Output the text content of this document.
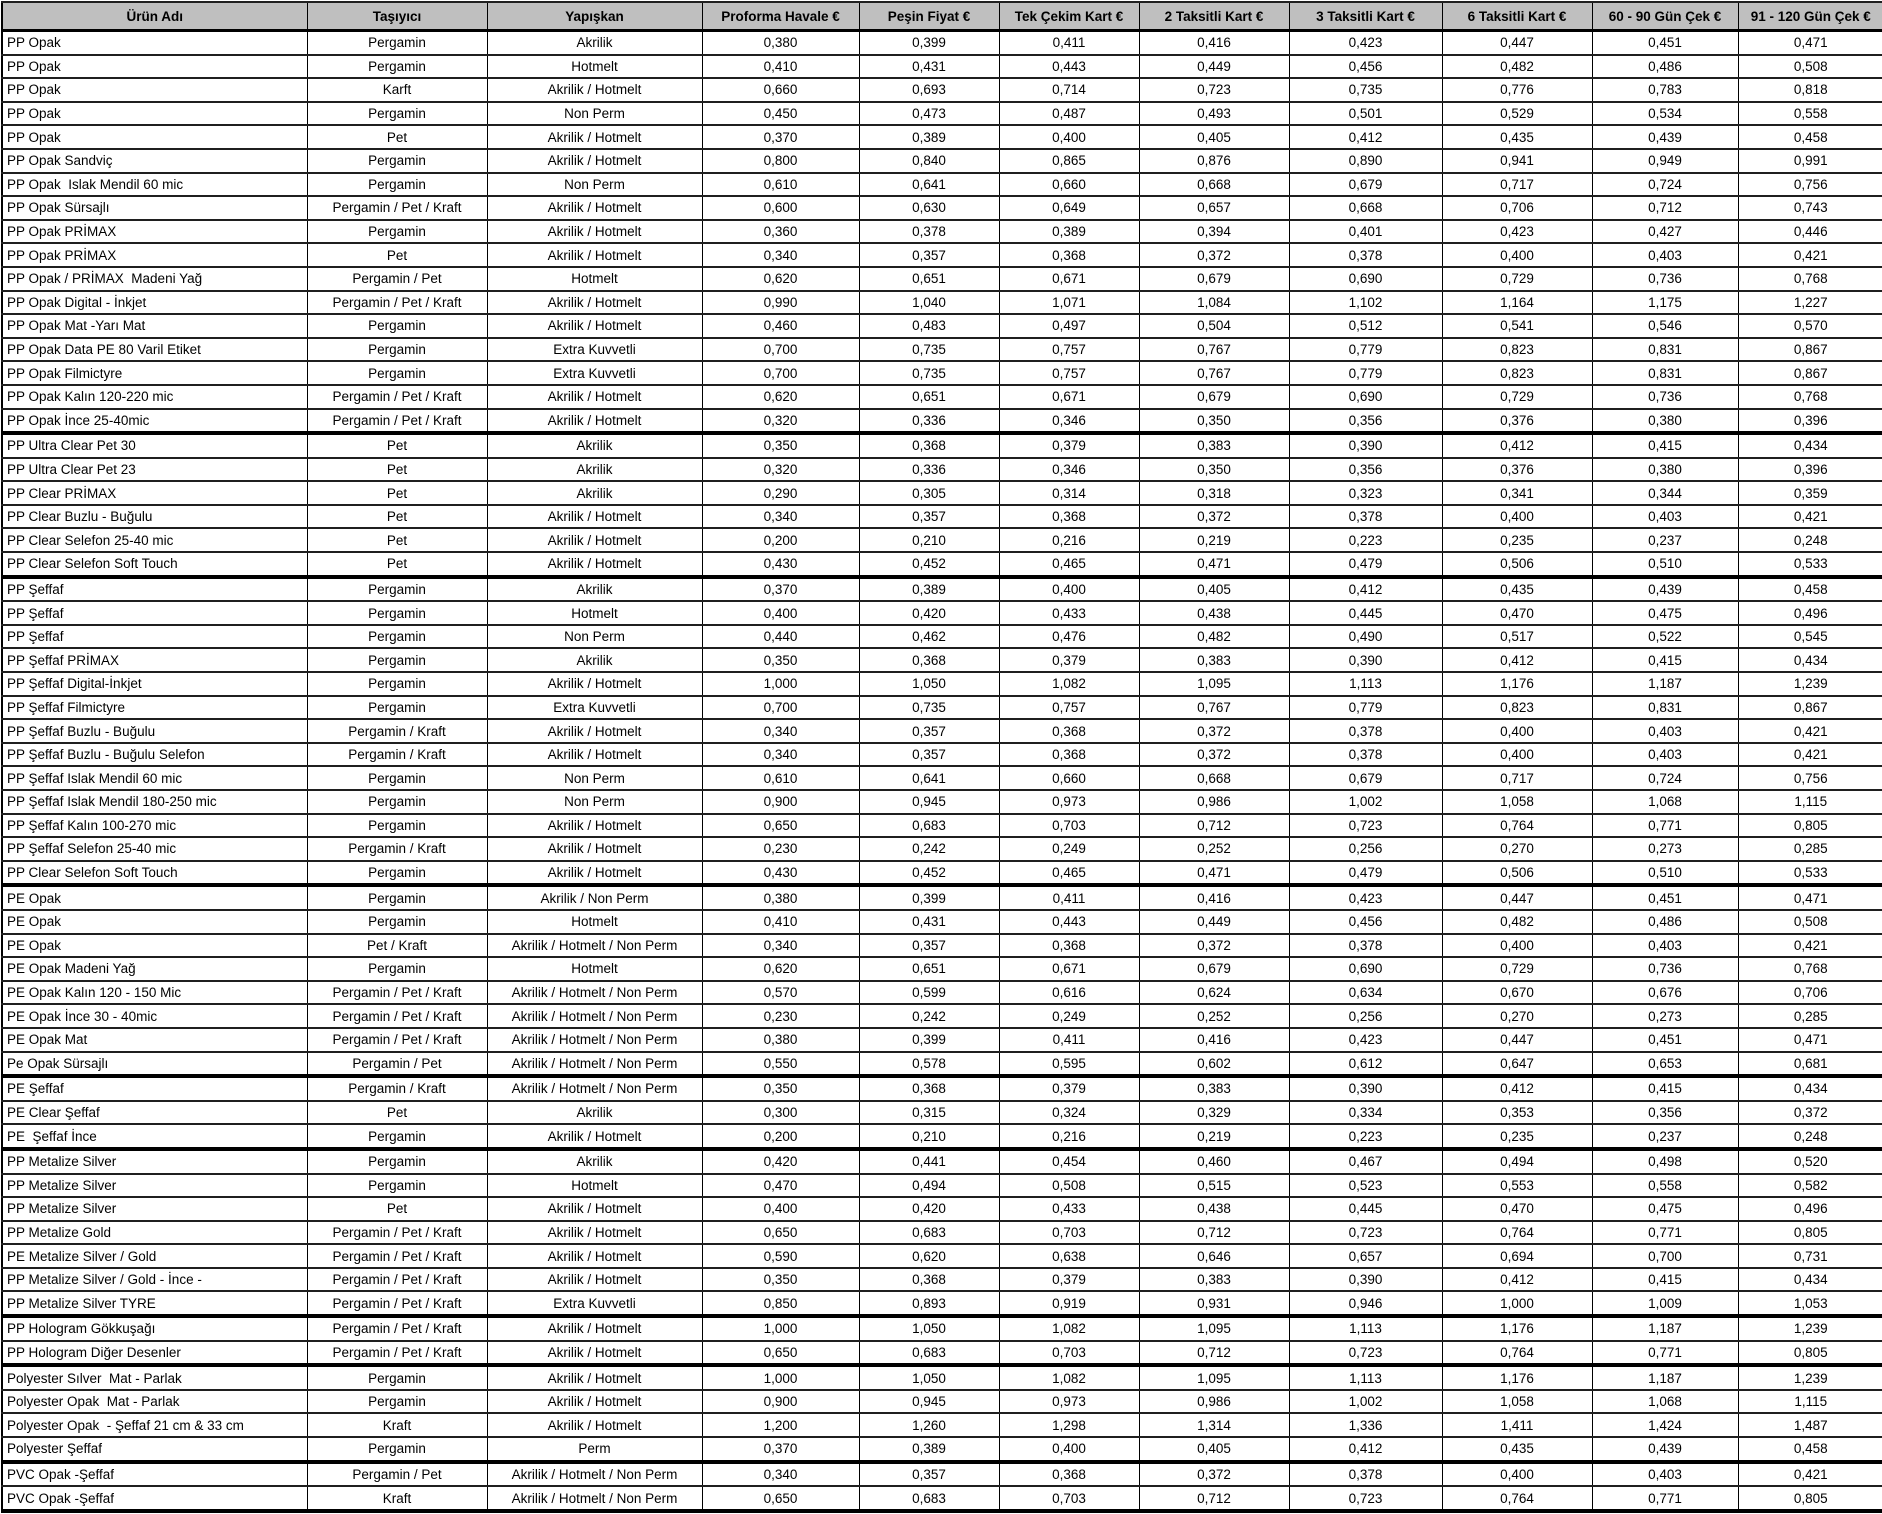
Ürün Adı	Taşıyıcı	Yapışkan	Proforma Havale €	Peşin Fiyat €	Tek Çekim Kart €	2 Taksitli Kart €	3 Taksitli Kart €	6 Taksitli Kart €	60 - 90 Gün Çek €	91 - 120 Gün Çek €
PP Opak	Pergamin	Akrilik	0,380	0,399	0,411	0,416	0,423	0,447	0,451	0,471
PP Opak	Pergamin	Hotmelt	0,410	0,431	0,443	0,449	0,456	0,482	0,486	0,508
PP Opak	Karft	Akrilik / Hotmelt	0,660	0,693	0,714	0,723	0,735	0,776	0,783	0,818
PP Opak	Pergamin	Non Perm	0,450	0,473	0,487	0,493	0,501	0,529	0,534	0,558
PP Opak	Pet	Akrilik / Hotmelt	0,370	0,389	0,400	0,405	0,412	0,435	0,439	0,458
PP Opak Sandviç	Pergamin	Akrilik / Hotmelt	0,800	0,840	0,865	0,876	0,890	0,941	0,949	0,991
PP Opak  Islak Mendil 60 mic	Pergamin	Non Perm	0,610	0,641	0,660	0,668	0,679	0,717	0,724	0,756
PP Opak Sürsajlı	Pergamin / Pet / Kraft	Akrilik / Hotmelt	0,600	0,630	0,649	0,657	0,668	0,706	0,712	0,743
PP Opak PRİMAX	Pergamin	Akrilik / Hotmelt	0,360	0,378	0,389	0,394	0,401	0,423	0,427	0,446
PP Opak PRİMAX	Pet	Akrilik / Hotmelt	0,340	0,357	0,368	0,372	0,378	0,400	0,403	0,421
PP Opak / PRİMAX  Madeni Yağ	Pergamin / Pet	Hotmelt	0,620	0,651	0,671	0,679	0,690	0,729	0,736	0,768
PP Opak Digital - İnkjet	Pergamin / Pet / Kraft	Akrilik / Hotmelt	0,990	1,040	1,071	1,084	1,102	1,164	1,175	1,227
PP Opak Mat -Yarı Mat	Pergamin	Akrilik / Hotmelt	0,460	0,483	0,497	0,504	0,512	0,541	0,546	0,570
PP Opak Data PE 80 Varil Etiket	Pergamin	Extra Kuvvetli	0,700	0,735	0,757	0,767	0,779	0,823	0,831	0,867
PP Opak Filmictyre	Pergamin	Extra Kuvvetli	0,700	0,735	0,757	0,767	0,779	0,823	0,831	0,867
PP Opak Kalın 120-220 mic	Pergamin / Pet / Kraft	Akrilik / Hotmelt	0,620	0,651	0,671	0,679	0,690	0,729	0,736	0,768
PP Opak İnce 25-40mic	Pergamin / Pet / Kraft	Akrilik / Hotmelt	0,320	0,336	0,346	0,350	0,356	0,376	0,380	0,396
PP Ultra Clear Pet 30	Pet	Akrilik	0,350	0,368	0,379	0,383	0,390	0,412	0,415	0,434
PP Ultra Clear Pet 23	Pet	Akrilik	0,320	0,336	0,346	0,350	0,356	0,376	0,380	0,396
PP Clear PRİMAX	Pet	Akrilik	0,290	0,305	0,314	0,318	0,323	0,341	0,344	0,359
PP Clear Buzlu - Buğulu	Pet	Akrilik / Hotmelt	0,340	0,357	0,368	0,372	0,378	0,400	0,403	0,421
PP Clear Selefon 25-40 mic	Pet	Akrilik / Hotmelt	0,200	0,210	0,216	0,219	0,223	0,235	0,237	0,248
PP Clear Selefon Soft Touch	Pet	Akrilik / Hotmelt	0,430	0,452	0,465	0,471	0,479	0,506	0,510	0,533
PP Şeffaf	Pergamin	Akrilik	0,370	0,389	0,400	0,405	0,412	0,435	0,439	0,458
PP Şeffaf	Pergamin	Hotmelt	0,400	0,420	0,433	0,438	0,445	0,470	0,475	0,496
PP Şeffaf	Pergamin	Non Perm	0,440	0,462	0,476	0,482	0,490	0,517	0,522	0,545
PP Şeffaf PRİMAX	Pergamin	Akrilik	0,350	0,368	0,379	0,383	0,390	0,412	0,415	0,434
PP Şeffaf Digital-İnkjet	Pergamin	Akrilik / Hotmelt	1,000	1,050	1,082	1,095	1,113	1,176	1,187	1,239
PP Şeffaf Filmictyre	Pergamin	Extra Kuvvetli	0,700	0,735	0,757	0,767	0,779	0,823	0,831	0,867
PP Şeffaf Buzlu - Buğulu	Pergamin / Kraft	Akrilik / Hotmelt	0,340	0,357	0,368	0,372	0,378	0,400	0,403	0,421
PP Şeffaf Buzlu - Buğulu Selefon	Pergamin / Kraft	Akrilik / Hotmelt	0,340	0,357	0,368	0,372	0,378	0,400	0,403	0,421
PP Şeffaf Islak Mendil 60 mic	Pergamin	Non Perm	0,610	0,641	0,660	0,668	0,679	0,717	0,724	0,756
PP Şeffaf Islak Mendil 180-250 mic	Pergamin	Non Perm	0,900	0,945	0,973	0,986	1,002	1,058	1,068	1,115
PP Şeffaf Kalın 100-270 mic	Pergamin	Akrilik / Hotmelt	0,650	0,683	0,703	0,712	0,723	0,764	0,771	0,805
PP Şeffaf Selefon 25-40 mic	Pergamin / Kraft	Akrilik / Hotmelt	0,230	0,242	0,249	0,252	0,256	0,270	0,273	0,285
PP Clear Selefon Soft Touch	Pergamin	Akrilik / Hotmelt	0,430	0,452	0,465	0,471	0,479	0,506	0,510	0,533
PE Opak	Pergamin	Akrilik / Non Perm	0,380	0,399	0,411	0,416	0,423	0,447	0,451	0,471
PE Opak	Pergamin	Hotmelt	0,410	0,431	0,443	0,449	0,456	0,482	0,486	0,508
PE Opak	Pet / Kraft	Akrilik / Hotmelt / Non Perm	0,340	0,357	0,368	0,372	0,378	0,400	0,403	0,421
PE Opak Madeni Yağ	Pergamin	Hotmelt	0,620	0,651	0,671	0,679	0,690	0,729	0,736	0,768
PE Opak Kalın 120 - 150 Mic	Pergamin / Pet / Kraft	Akrilik / Hotmelt / Non Perm	0,570	0,599	0,616	0,624	0,634	0,670	0,676	0,706
PE Opak İnce 30 - 40mic	Pergamin / Pet / Kraft	Akrilik / Hotmelt / Non Perm	0,230	0,242	0,249	0,252	0,256	0,270	0,273	0,285
PE Opak Mat	Pergamin / Pet / Kraft	Akrilik / Hotmelt / Non Perm	0,380	0,399	0,411	0,416	0,423	0,447	0,451	0,471
Pe Opak Sürsajlı	Pergamin / Pet	Akrilik / Hotmelt / Non Perm	0,550	0,578	0,595	0,602	0,612	0,647	0,653	0,681
PE Şeffaf	Pergamin / Kraft	Akrilik / Hotmelt / Non Perm	0,350	0,368	0,379	0,383	0,390	0,412	0,415	0,434
PE Clear Şeffaf	Pet	Akrilik	0,300	0,315	0,324	0,329	0,334	0,353	0,356	0,372
PE  Şeffaf İnce	Pergamin	Akrilik / Hotmelt	0,200	0,210	0,216	0,219	0,223	0,235	0,237	0,248
PP Metalize Silver	Pergamin	Akrilik	0,420	0,441	0,454	0,460	0,467	0,494	0,498	0,520
PP Metalize Silver	Pergamin	Hotmelt	0,470	0,494	0,508	0,515	0,523	0,553	0,558	0,582
PP Metalize Silver	Pet	Akrilik / Hotmelt	0,400	0,420	0,433	0,438	0,445	0,470	0,475	0,496
PP Metalize Gold	Pergamin / Pet / Kraft	Akrilik / Hotmelt	0,650	0,683	0,703	0,712	0,723	0,764	0,771	0,805
PE Metalize Silver / Gold	Pergamin / Pet / Kraft	Akrilik / Hotmelt	0,590	0,620	0,638	0,646	0,657	0,694	0,700	0,731
PP Metalize Silver / Gold - İnce -	Pergamin / Pet / Kraft	Akrilik / Hotmelt	0,350	0,368	0,379	0,383	0,390	0,412	0,415	0,434
PP Metalize Silver TYRE	Pergamin / Pet / Kraft	Extra Kuvvetli	0,850	0,893	0,919	0,931	0,946	1,000	1,009	1,053
PP Hologram Gökkuşağı	Pergamin / Pet / Kraft	Akrilik / Hotmelt	1,000	1,050	1,082	1,095	1,113	1,176	1,187	1,239
PP Hologram Diğer Desenler	Pergamin / Pet / Kraft	Akrilik / Hotmelt	0,650	0,683	0,703	0,712	0,723	0,764	0,771	0,805
Polyester Sılver  Mat - Parlak	Pergamin	Akrilik / Hotmelt	1,000	1,050	1,082	1,095	1,113	1,176	1,187	1,239
Polyester Opak  Mat - Parlak	Pergamin	Akrilik / Hotmelt	0,900	0,945	0,973	0,986	1,002	1,058	1,068	1,115
Polyester Opak  - Şeffaf 21 cm & 33 cm	Kraft	Akrilik / Hotmelt	1,200	1,260	1,298	1,314	1,336	1,411	1,424	1,487
Polyester Şeffaf	Pergamin	Perm	0,370	0,389	0,400	0,405	0,412	0,435	0,439	0,458
PVC Opak -Şeffaf	Pergamin / Pet	Akrilik / Hotmelt / Non Perm	0,340	0,357	0,368	0,372	0,378	0,400	0,403	0,421
PVC Opak -Şeffaf	Kraft	Akrilik / Hotmelt / Non Perm	0,650	0,683	0,703	0,712	0,723	0,764	0,771	0,805
